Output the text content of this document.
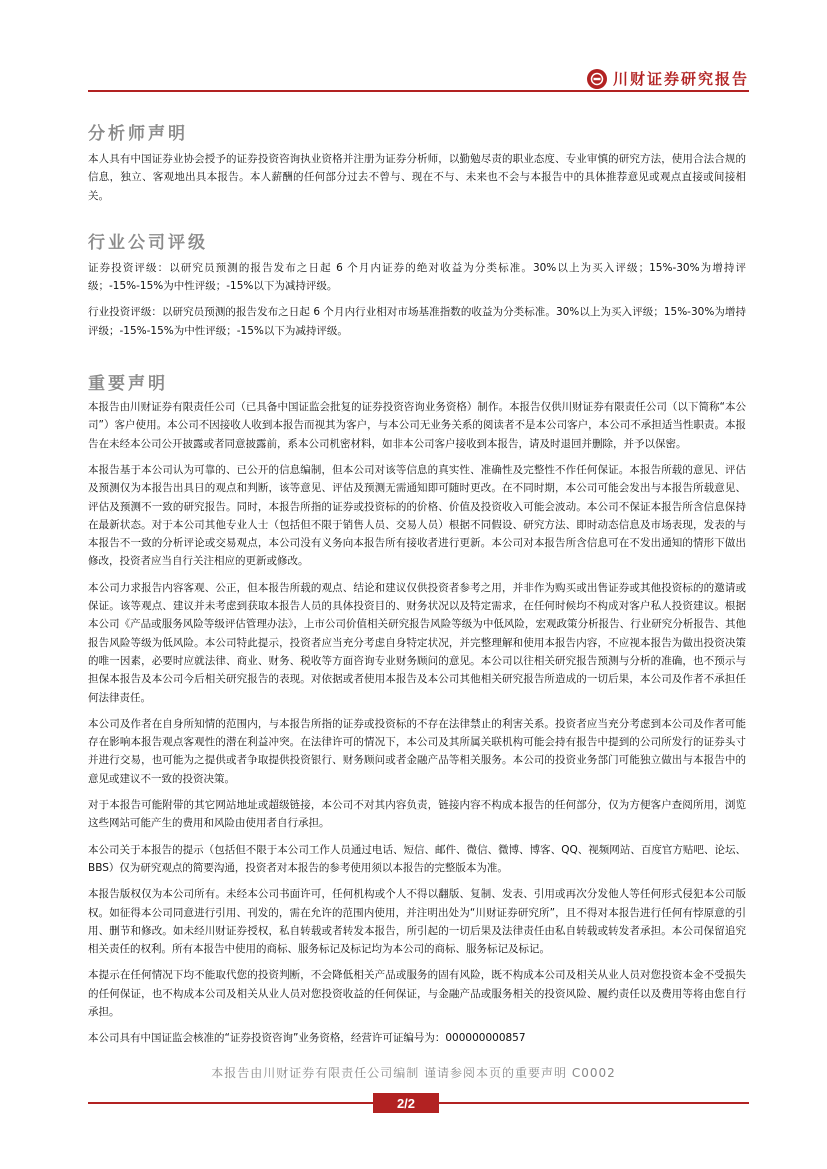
川财证券研究报告
分析师声明

本人具有中国证券业协会授予的证券投资咨询执业资格并注册为证券分析师，以勤勉尽责的职业态度、专业审慎的研究方法，使用合法合规的信息，独立、客观地出具本报告。本人薪酬的任何部分过去不曾与、现在不与、未来也不会与本报告中的具体推荐意见或观点直接或间接相关。

行业公司评级

证券投资评级：以研究员预测的报告发布之日起 6 个月内证券的绝对收益为分类标准。30%以上为买入评级；15%-30%为增持评级；-15%-15%为中性评级；-15%以下为减持评级。

行业投资评级：以研究员预测的报告发布之日起 6 个月内行业相对市场基准指数的收益为分类标准。30%以上为买入评级；15%-30%为增持评级；-15%-15%为中性评级；-15%以下为减持评级。

重要声明

本报告由川财证券有限责任公司（已具备中国证监会批复的证券投资咨询业务资格）制作。本报告仅供川财证券有限责任公司（以下简称“本公司”）客户使用。本公司不因接收人收到本报告而视其为客户，与本公司无业务关系的阅读者不是本公司客户，本公司不承担适当性职责。本报告在未经本公司公开披露或者同意披露前，系本公司机密材料，如非本公司客户接收到本报告，请及时退回并删除，并予以保密。

本报告基于本公司认为可靠的、已公开的信息编制，但本公司对该等信息的真实性、准确性及完整性不作任何保证。本报告所载的意见、评估及预测仅为本报告出具日的观点和判断，该等意见、评估及预测无需通知即可随时更改。在不同时期，本公司可能会发出与本报告所载意见、评估及预测不一致的研究报告。同时，本报告所指的证券或投资标的的价格、价值及投资收入可能会波动。本公司不保证本报告所含信息保持在最新状态。对于本公司其他专业人士（包括但不限于销售人员、交易人员）根据不同假设、研究方法、即时动态信息及市场表现，发表的与本报告不一致的分析评论或交易观点，本公司没有义务向本报告所有接收者进行更新。本公司对本报告所含信息可在不发出通知的情形下做出修改，投资者应当自行关注相应的更新或修改。

本公司力求报告内容客观、公正，但本报告所载的观点、结论和建议仅供投资者参考之用，并非作为购买或出售证券或其他投资标的的邀请或保证。该等观点、建议并未考虑到获取本报告人员的具体投资目的、财务状况以及特定需求，在任何时候均不构成对客户私人投资建议。根据本公司《产品或服务风险等级评估管理办法》，上市公司价值相关研究报告风险等级为中低风险，宏观政策分析报告、行业研究分析报告、其他报告风险等级为低风险。本公司特此提示，投资者应当充分考虑自身特定状况，并完整理解和使用本报告内容，不应视本报告为做出投资决策的唯一因素，必要时应就法律、商业、财务、税收等方面咨询专业财务顾问的意见。本公司以往相关研究报告预测与分析的准确，也不预示与担保本报告及本公司今后相关研究报告的表现。对依据或者使用本报告及本公司其他相关研究报告所造成的一切后果，本公司及作者不承担任何法律责任。

本公司及作者在自身所知情的范围内，与本报告所指的证券或投资标的不存在法律禁止的利害关系。投资者应当充分考虑到本公司及作者可能存在影响本报告观点客观性的潜在利益冲突。在法律许可的情况下，本公司及其所属关联机构可能会持有报告中提到的公司所发行的证券头寸并进行交易，也可能为之提供或者争取提供投资银行、财务顾问或者金融产品等相关服务。本公司的投资业务部门可能独立做出与本报告中的意见或建议不一致的投资决策。

对于本报告可能附带的其它网站地址或超级链接，本公司不对其内容负责，链接内容不构成本报告的任何部分，仅为方便客户查阅所用，浏览这些网站可能产生的费用和风险由使用者自行承担。

本公司关于本报告的提示（包括但不限于本公司工作人员通过电话、短信、邮件、微信、微博、博客、QQ、视频网站、百度官方贴吧、论坛、BBS）仅为研究观点的简要沟通，投资者对本报告的参考使用须以本报告的完整版本为准。

本报告版权仅为本公司所有。未经本公司书面许可，任何机构或个人不得以翻版、复制、发表、引用或再次分发他人等任何形式侵犯本公司版权。如征得本公司同意进行引用、刊发的，需在允许的范围内使用，并注明出处为“川财证券研究所”，且不得对本报告进行任何有悖原意的引用、删节和修改。如未经川财证券授权，私自转载或者转发本报告，所引起的一切后果及法律责任由私自转载或转发者承担。本公司保留追究相关责任的权利。所有本报告中使用的商标、服务标记及标记均为本公司的商标、服务标记及标记。

本提示在任何情况下均不能取代您的投资判断，不会降低相关产品或服务的固有风险，既不构成本公司及相关从业人员对您投资本金不受损失的任何保证，也不构成本公司及相关从业人员对您投资收益的任何保证，与金融产品或服务相关的投资风险、履约责任以及费用等将由您自行承担。

本公司具有中国证监会核准的“证券投资咨询”业务资格，经营许可证编号为：000000000857

本报告由川财证券有限责任公司编制 谨请参阅本页的重要声明 C0002
2/2
